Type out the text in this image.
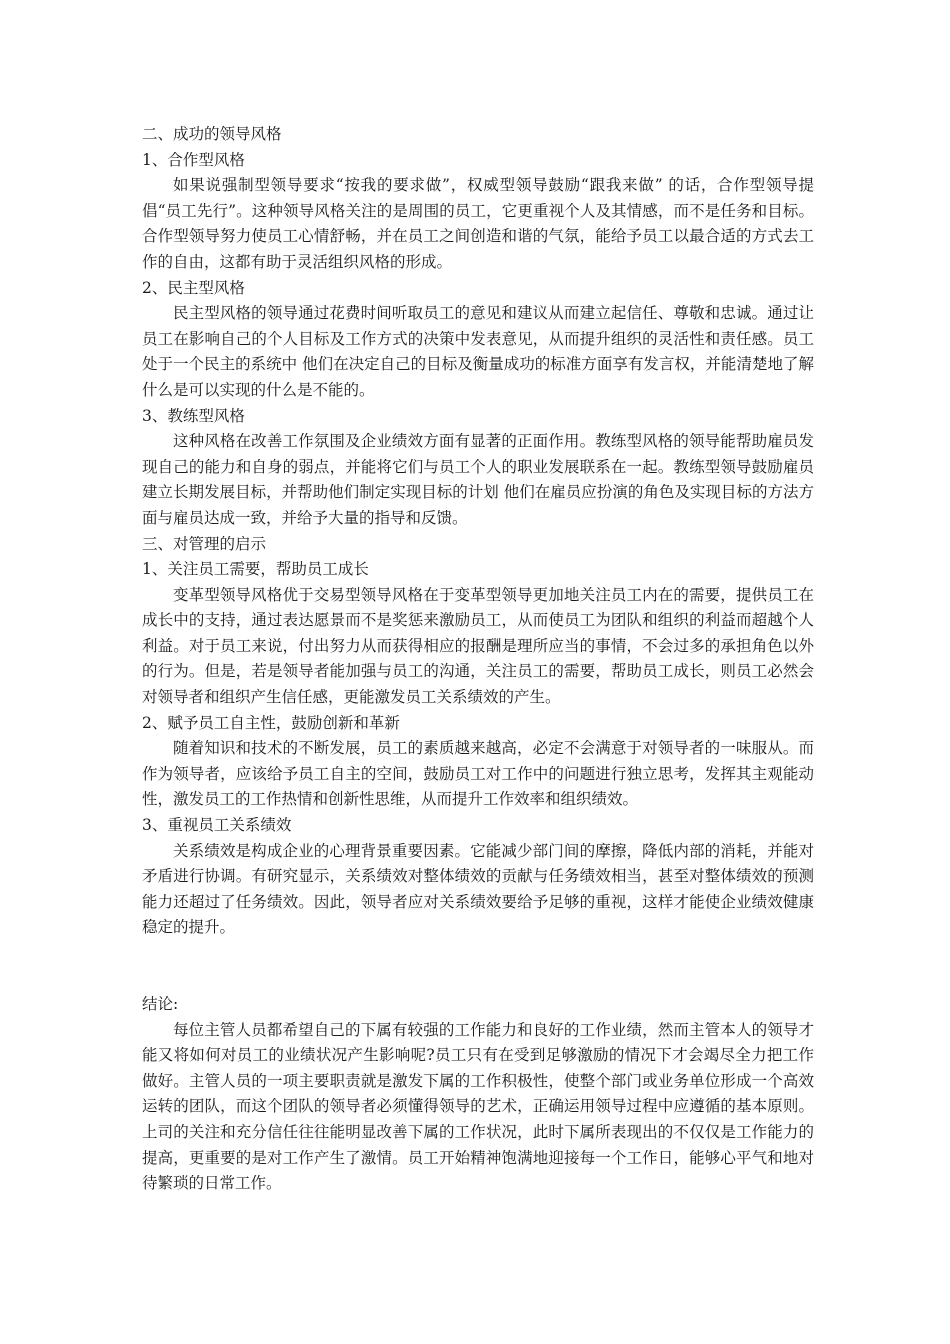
二、成功的领导风格

1、合作型风格

如果说强制型领导要求“按我的要求做”，权威型领导鼓励“跟我来做” 的话，合作型领导提倡“员工先行”。这种领导风格关注的是周围的员工，它更重视个人及其情感，而不是任务和目标。合作型领导努力使员工心情舒畅，并在员工之间创造和谐的气氛，能给予员工以最合适的方式去工作的自由，这都有助于灵活组织风格的形成。

2、民主型风格

民主型风格的领导通过花费时间听取员工的意见和建议从而建立起信任、尊敬和忠诚。通过让员工在影响自己的个人目标及工作方式的决策中发表意见，从而提升组织的灵活性和责任感。员工处于一个民主的系统中 他们在决定自己的目标及衡量成功的标准方面享有发言权，并能清楚地了解什么是可以实现的什么是不能的。

3、教练型风格

这种风格在改善工作氛围及企业绩效方面有显著的正面作用。教练型风格的领导能帮助雇员发现自己的能力和自身的弱点，并能将它们与员工个人的职业发展联系在一起。教练型领导鼓励雇员建立长期发展目标，并帮助他们制定实现目标的计划 他们在雇员应扮演的角色及实现目标的方法方面与雇员达成一致，并给予大量的指导和反馈。

三、对管理的启示

1、关注员工需要，帮助员工成长

变革型领导风格优于交易型领导风格在于变革型领导更加地关注员工内在的需要，提供员工在成长中的支持，通过表达愿景而不是奖惩来激励员工，从而使员工为团队和组织的利益而超越个人利益。对于员工来说，付出努力从而获得相应的报酬是理所应当的事情，不会过多的承担角色以外的行为。但是，若是领导者能加强与员工的沟通，关注员工的需要，帮助员工成长，则员工必然会对领导者和组织产生信任感，更能激发员工关系绩效的产生。

2、赋予员工自主性，鼓励创新和革新

随着知识和技术的不断发展，员工的素质越来越高，必定不会满意于对领导者的一味服从。而作为领导者，应该给予员工自主的空间，鼓励员工对工作中的问题进行独立思考，发挥其主观能动性，激发员工的工作热情和创新性思维，从而提升工作效率和组织绩效。

3、重视员工关系绩效

关系绩效是构成企业的心理背景重要因素。它能减少部门间的摩擦，降低内部的消耗，并能对矛盾进行协调。有研究显示，关系绩效对整体绩效的贡献与任务绩效相当，甚至对整体绩效的预测能力还超过了任务绩效。因此，领导者应对关系绩效要给予足够的重视，这样才能使企业绩效健康稳定的提升。

结论:

每位主管人员都希望自己的下属有较强的工作能力和良好的工作业绩，然而主管本人的领导才能又将如何对员工的业绩状况产生影响呢?员工只有在受到足够激励的情况下才会竭尽全力把工作做好。主管人员的一项主要职责就是激发下属的工作积极性，使整个部门或业务单位形成一个高效运转的团队，而这个团队的领导者必须懂得领导的艺术，正确运用领导过程中应遵循的基本原则。上司的关注和充分信任往往能明显改善下属的工作状况，此时下属所表现出的不仅仅是工作能力的提高，更重要的是对工作产生了激情。员工开始精神饱满地迎接每一个工作日，能够心平气和地对待繁琐的日常工作。
